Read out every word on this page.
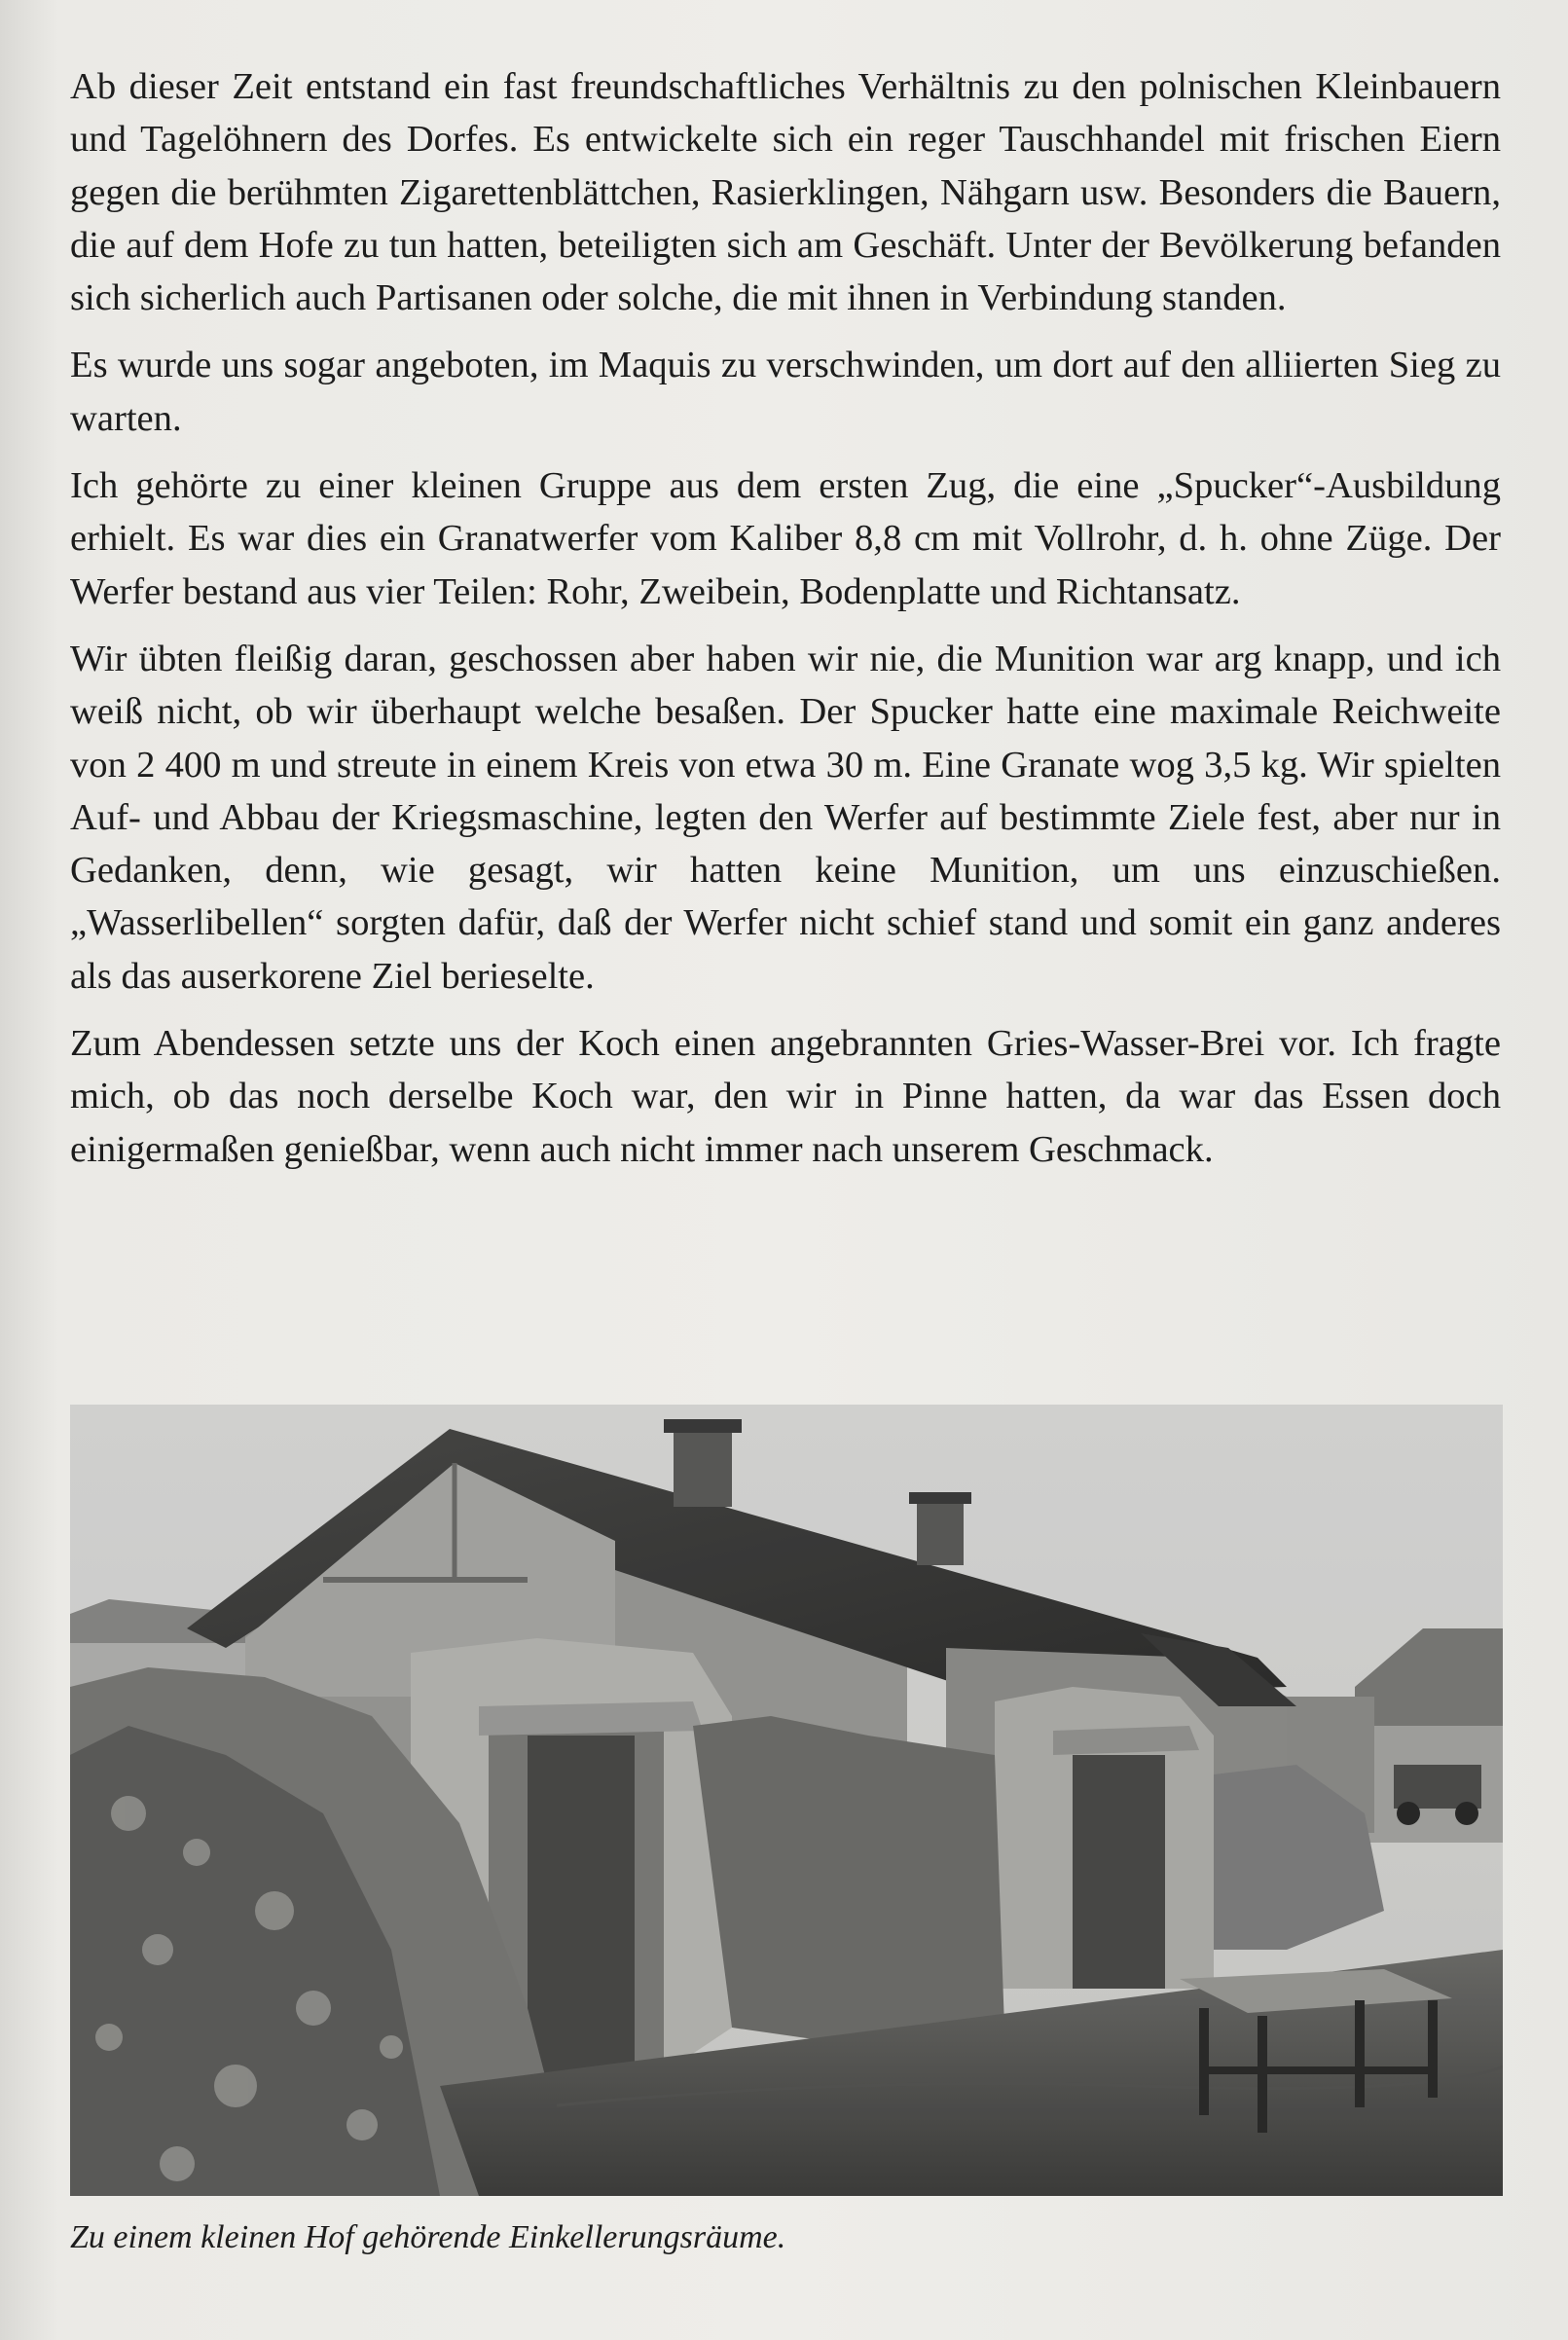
Ab dieser Zeit entstand ein fast freundschaftliches Verhältnis zu den polnischen Kleinbauern und Tagelöhnern des Dorfes. Es entwickelte sich ein reger Tauschhandel mit frischen Eiern gegen die berühmten Zigarettenblättchen, Rasierklingen, Nähgarn usw. Besonders die Bauern, die auf dem Hofe zu tun hatten, beteiligten sich am Geschäft. Unter der Bevölkerung befanden sich sicherlich auch Partisanen oder solche, die mit ihnen in Verbindung standen.

Es wurde uns sogar angeboten, im Maquis zu verschwinden, um dort auf den alliierten Sieg zu warten.

Ich gehörte zu einer kleinen Gruppe aus dem ersten Zug, die eine „Spucker“-Ausbildung erhielt. Es war dies ein Granatwerfer vom Kaliber 8,8 cm mit Vollrohr, d. h. ohne Züge. Der Werfer bestand aus vier Teilen: Rohr, Zweibein, Bodenplatte und Richtansatz.

Wir übten fleißig daran, geschossen aber haben wir nie, die Munition war arg knapp, und ich weiß nicht, ob wir überhaupt welche besaßen. Der Spucker hatte eine maximale Reichweite von 2 400 m und streute in einem Kreis von etwa 30 m. Eine Granate wog 3,5 kg. Wir spielten Auf- und Abbau der Kriegsmaschine, legten den Werfer auf bestimmte Ziele fest, aber nur in Gedanken, denn, wie gesagt, wir hatten keine Munition, um uns einzuschießen. „Wasserlibellen“ sorgten dafür, daß der Werfer nicht schief stand und somit ein ganz anderes als das auserkorene Ziel berieselte.

Zum Abendessen setzte uns der Koch einen angebrannten Gries-Wasser-Brei vor. Ich fragte mich, ob das noch derselbe Koch war, den wir in Pinne hatten, da war das Essen doch einigermaßen genießbar, wenn auch nicht immer nach unserem Geschmack.

Zu einem kleinen Hof gehörende Einkellerungsräume.
